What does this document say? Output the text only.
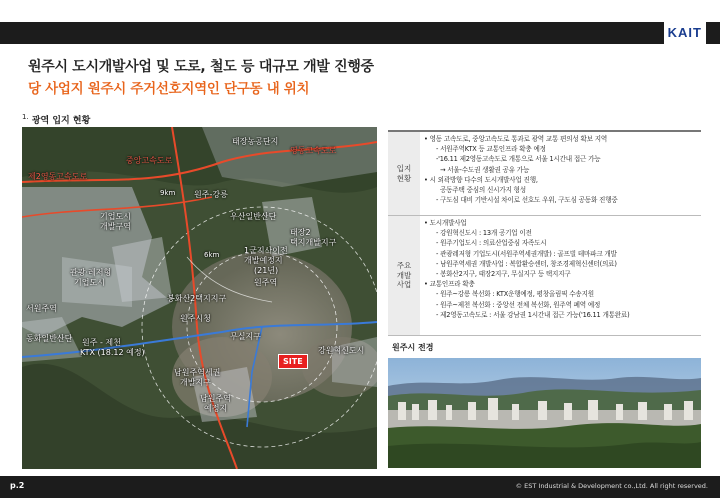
KAIT
원주시 도시개발사업 및 도로, 철도 등 대규모 개발 진행중
당 사업지 원주시 주거선호지역인 단구동 내 위치
$^{1.}$ 광역 입지 현황
태장농공단지
영동고속도로
중앙고속도로
제2영동고속도로
원주-강릉
9km
기업도시
개발구역
우산일반산단
태장2
택지개발지구
1군지사이전
개발예정지
(21년)
6km
관광·레저형
기업도시
봉화산2택지지구
원주역
서원주역
원주시청
동화일반산단 원주 - 제천
KTX (18.12 예정)
무실지구
강원혁신도시
남원주역세권
개발지구
남원주역
예정지
SITE
입지
현황
• 영동 고속도로, 중앙고속도로 통과로 광역 교통 편의성 확보 지역
- 서원주역KTX 등 교통인프라 확충 예정
-'16.11 제2영동고속도로 개통으로 서울 1시간내 접근 가능
→ 서울-수도권 생활권 공유 가능
• 시 외곽방향 다수의 도시개발사업 진행,
공동주택 중심의 신시가지 형성
- 구도심 대비 기반시설 차이로 선호도 우위, 구도심 공동화 진행중
주요
개발
사업
• 도시개발사업
- 강원혁신도시 : 13개 공기업 이전
- 원주기업도시 : 의료산업중심 자족도시
- 관광레저형 기업도시(서원주역세권개발) : 골프빌 테마파크 개발
- 남원주역세권 개발사업 : 복합환승센터, 창조경제혁신센터(의료)
- 봉화산2지구, 태장2지구, 무실지구 등 택지지구
• 교통인프라 확충
- 원주~강릉 복선화 : KTX운행예정, 평창올림픽 수송지원
- 원주~제천 복선화 : 중앙선 전체 복선화, 원주역 폐역 예정
- 제2영동고속도로 : 서울 강남권 1시간내 접근 가능('16.11 개통완료)
원주시 전경
p.2	© EST Industrial & Development co.,Ltd. All right reserved.
